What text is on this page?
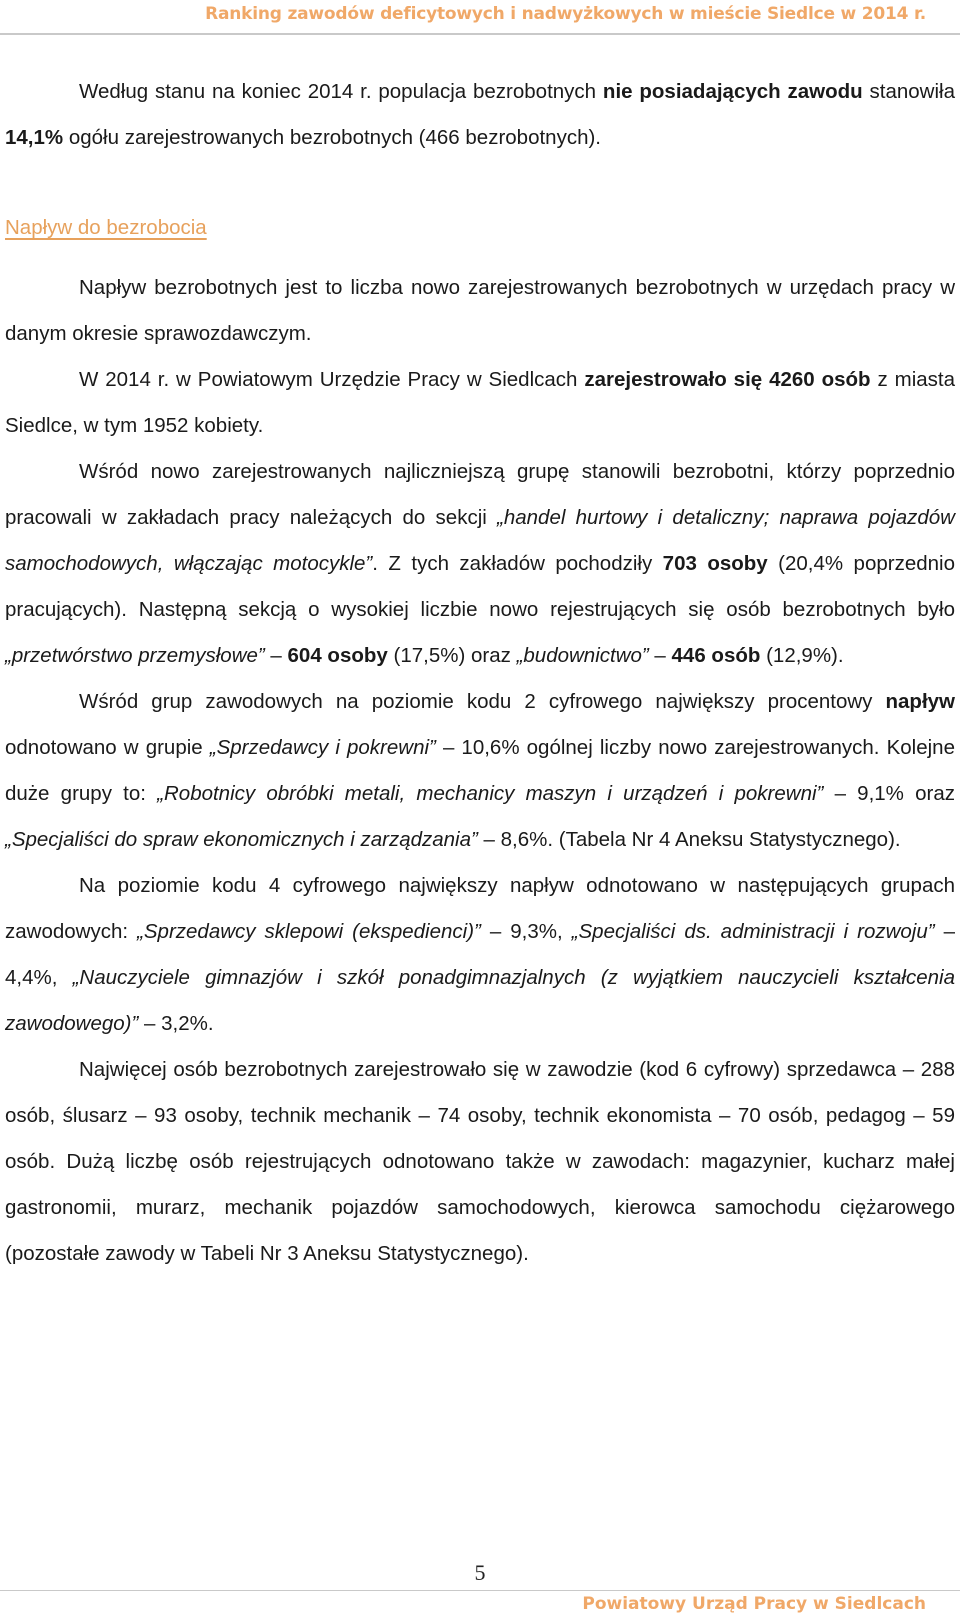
Ranking zawodów deficytowych i nadwyżkowych w mieście Siedlce w 2014 r.

Według stanu na koniec 2014 r. populacja bezrobotnych nie posiadających zawodu stanowiła 14,1% ogółu zarejestrowanych bezrobotnych (466 bezrobotnych).

Napływ do bezrobocia

Napływ bezrobotnych jest to liczba nowo zarejestrowanych bezrobotnych w urzędach pracy w danym okresie sprawozdawczym.

W 2014 r. w Powiatowym Urzędzie Pracy w Siedlcach zarejestrowało się 4260 osób z miasta Siedlce, w tym 1952 kobiety.

Wśród nowo zarejestrowanych najliczniejszą grupę stanowili bezrobotni, którzy poprzednio pracowali w zakładach pracy należących do sekcji „handel hurtowy i detaliczny; naprawa pojazdów samochodowych, włączając motocykle”. Z tych zakładów pochodziły 703 osoby (20,4% poprzednio pracujących). Następną sekcją o wysokiej liczbie nowo rejestrujących się osób bezrobotnych było „przetwórstwo przemysłowe” – 604 osoby (17,5%) oraz „budownictwo” – 446 osób (12,9%).

Wśród grup zawodowych na poziomie kodu 2 cyfrowego największy procentowy napływ odnotowano w grupie „Sprzedawcy i pokrewni” – 10,6% ogólnej liczby nowo zarejestrowanych. Kolejne duże grupy to: „Robotnicy obróbki metali, mechanicy maszyn i urządzeń i pokrewni” – 9,1% oraz „Specjaliści do spraw ekonomicznych i zarządzania” – 8,6%. (Tabela Nr 4 Aneksu Statystycznego).

Na poziomie kodu 4 cyfrowego największy napływ odnotowano w następujących grupach zawodowych: „Sprzedawcy sklepowi (ekspedienci)” – 9,3%, „Specjaliści ds. administracji i rozwoju” – 4,4%, „Nauczyciele gimnazjów i szkół ponadgimnazjalnych (z wyjątkiem nauczycieli kształcenia zawodowego)” – 3,2%.

Najwięcej osób bezrobotnych zarejestrowało się w zawodzie (kod 6 cyfrowy) sprzedawca – 288 osób, ślusarz – 93 osoby, technik mechanik – 74 osoby, technik ekonomista – 70 osób, pedagog – 59 osób. Dużą liczbę osób rejestrujących odnotowano także w zawodach: magazynier, kucharz małej gastronomii, murarz, mechanik pojazdów samochodowych, kierowca samochodu ciężarowego (pozostałe zawody w Tabeli Nr 3 Aneksu Statystycznego).

5
Powiatowy Urząd Pracy w Siedlcach
